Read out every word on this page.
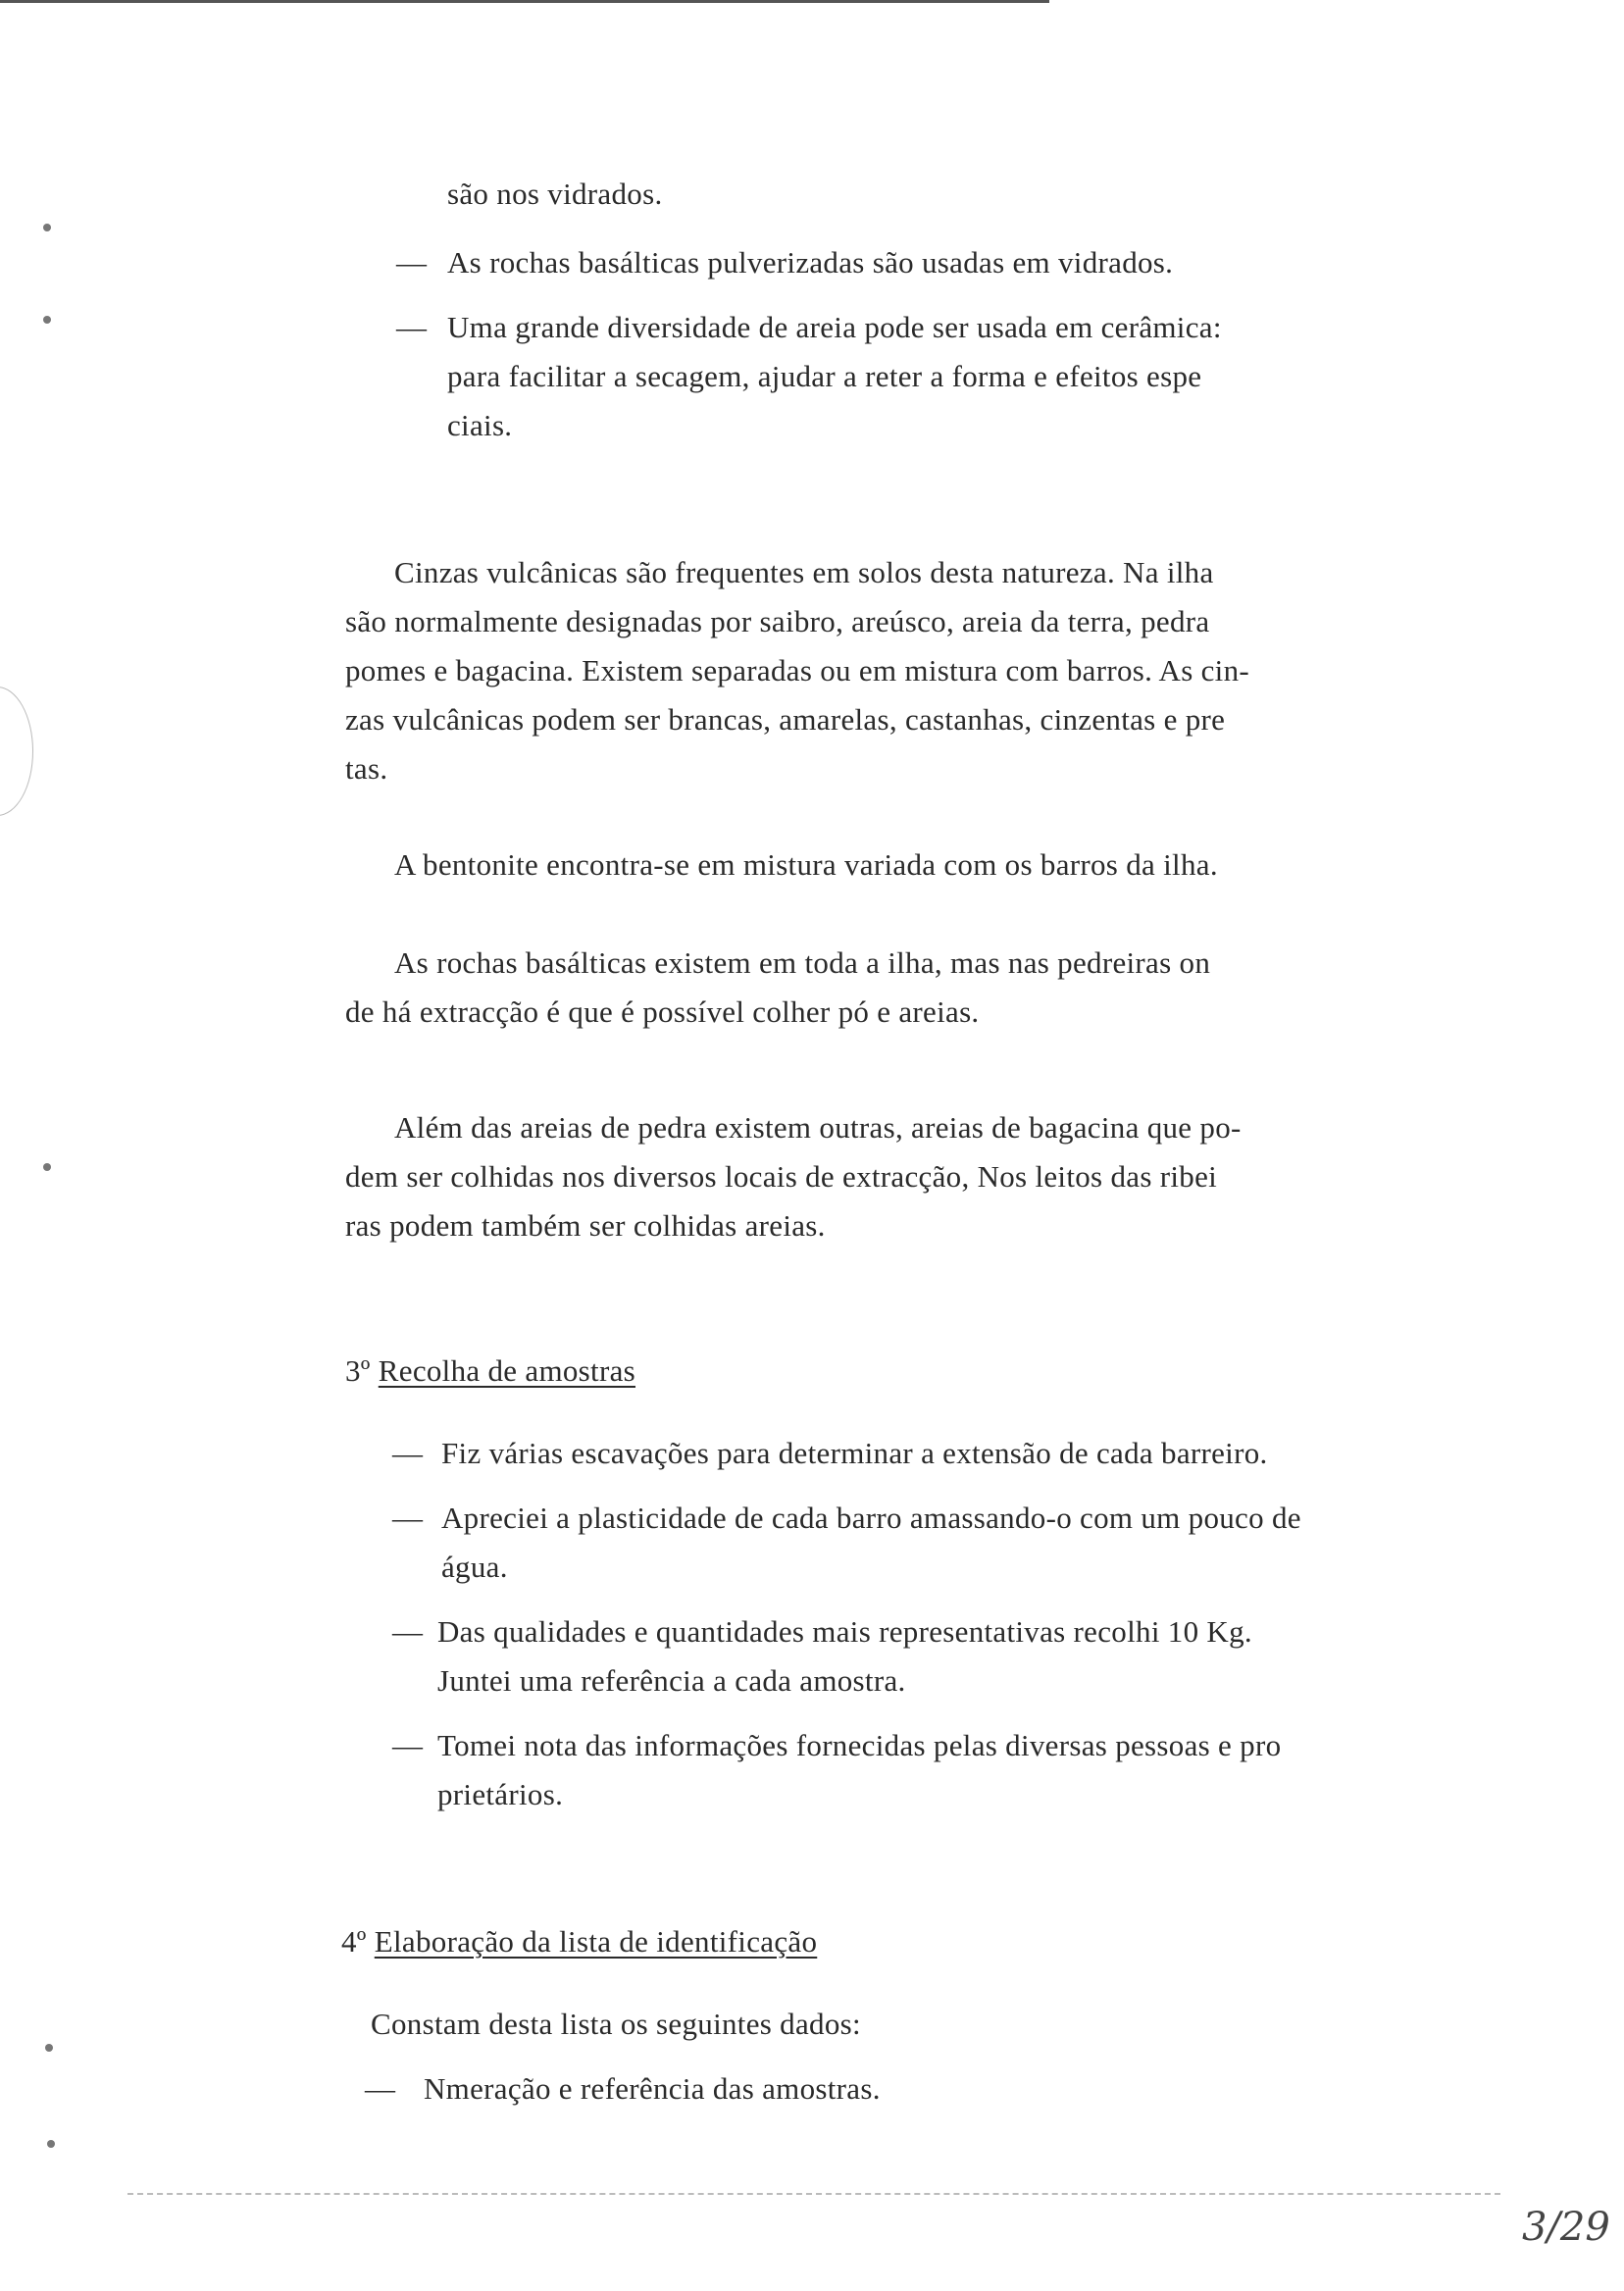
são nos vidrados.
— As rochas basálticas pulverizadas são usadas em vidrados.
— Uma grande diversidade de areia pode ser usada em cerâmica:
para facilitar a secagem, ajudar a reter a forma e efeitos espe
ciais.
Cinzas vulcânicas são frequentes em solos desta natureza. Na ilha
são normalmente designadas por saibro, areúsco, areia da terra, pedra
pomes e bagacina. Existem separadas ou em mistura com barros. As cin-
zas vulcânicas podem ser brancas, amarelas, castanhas, cinzentas e pre
tas.
A bentonite encontra-se em mistura variada com os barros da ilha.
As rochas basálticas existem em toda a ilha, mas nas pedreiras on
de há extracção é que é possível colher pó e areias.
Além das areias de pedra existem outras, areias de bagacina que po-
dem ser colhidas nos diversos locais de extracção, Nos leitos das ribei
ras podem também ser colhidas areias.
3º Recolha de amostras
— Fiz várias escavações para determinar a extensão de cada barreiro.
— Apreciei a plasticidade de cada barro amassando-o com um pouco de
água.
— Das qualidades e quantidades mais representativas recolhi 10 Kg.
Juntei uma referência a cada amostra.
— Tomei nota das informações fornecidas pelas diversas pessoas e pro
prietários.
4º Elaboração da lista de identificação
Constam desta lista os seguintes dados:
— Nmeração e referência das amostras.
3/29
